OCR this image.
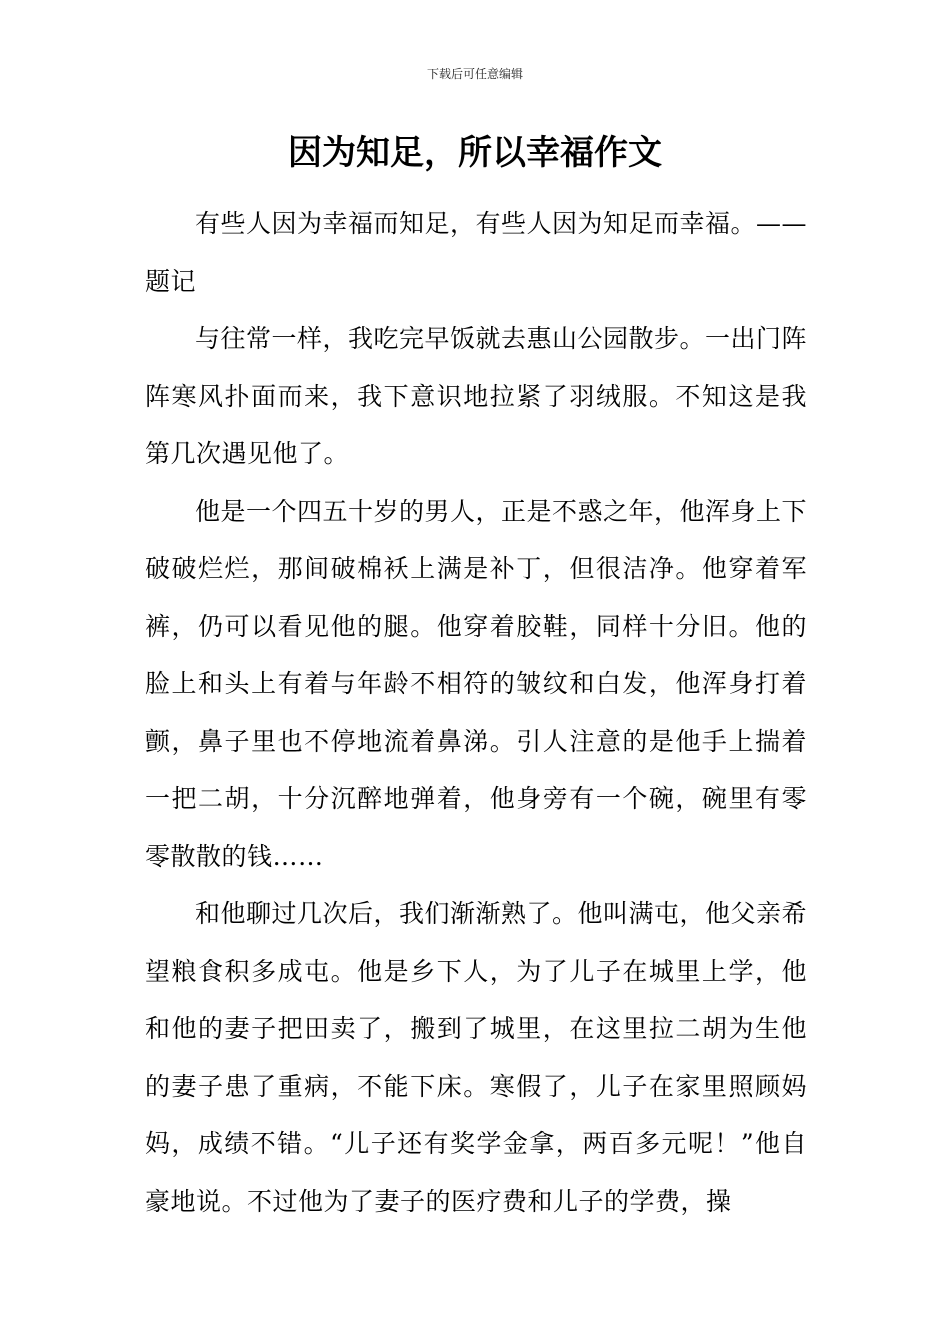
下载后可任意编辑
因为知足，所以幸福作文

有些人因为幸福而知足，有些人因为知足而幸福。——题记

与往常一样，我吃完早饭就去惠山公园散步。一出门阵阵寒风扑面而来，我下意识地拉紧了羽绒服。不知这是我第几次遇见他了。

他是一个四五十岁的男人，正是不惑之年，他浑身上下破破烂烂，那间破棉袄上满是补丁，但很洁净。他穿着军裤，仍可以看见他的腿。他穿着胶鞋，同样十分旧。他的脸上和头上有着与年龄不相符的皱纹和白发，他浑身打着颤，鼻子里也不停地流着鼻涕。引人注意的是他手上揣着一把二胡，十分沉醉地弹着，他身旁有一个碗，碗里有零零散散的钱……

和他聊过几次后，我们渐渐熟了。他叫满屯，他父亲希望粮食积多成屯。他是乡下人，为了儿子在城里上学，他和他的妻子把田卖了，搬到了城里，在这里拉二胡为生他的妻子患了重病，不能下床。寒假了，儿子在家里照顾妈妈，成绩不错。“儿子还有奖学金拿，两百多元呢！”他自豪地说。不过他为了妻子的医疗费和儿子的学费，操
